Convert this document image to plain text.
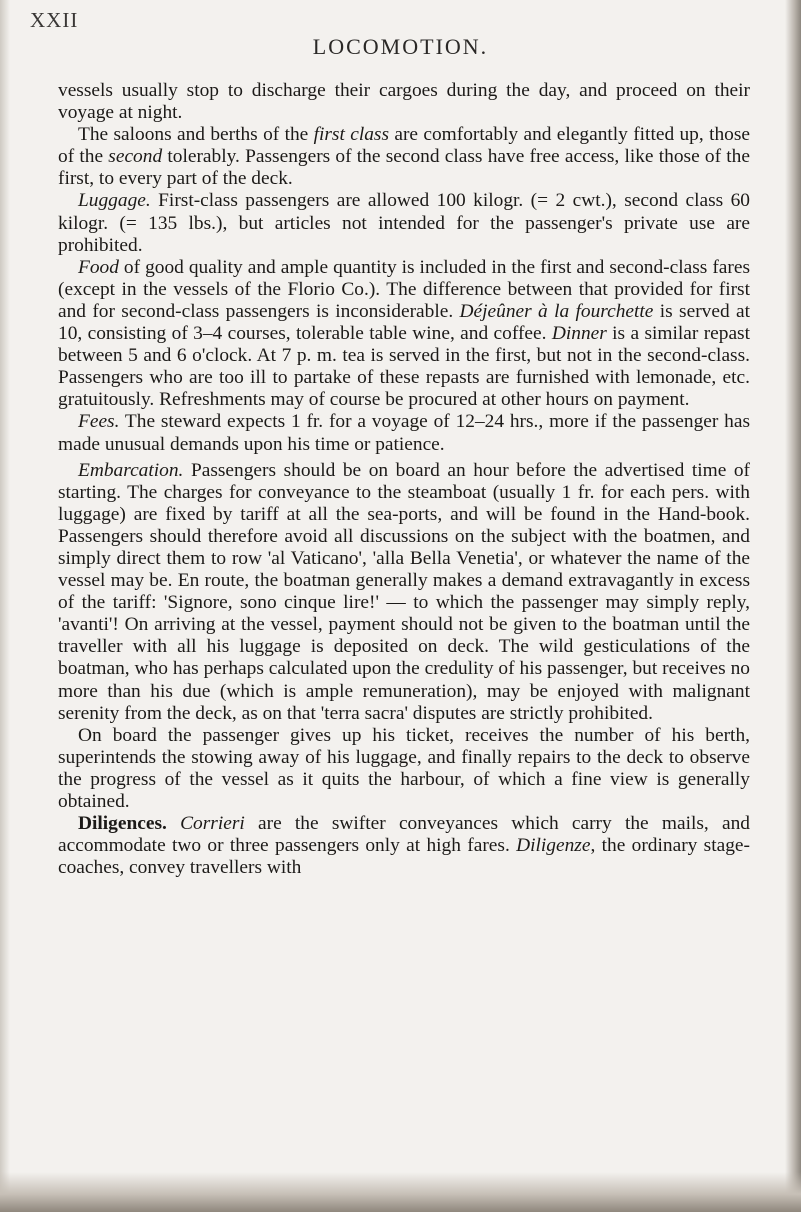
XXII
LOCOMOTION.

vessels usually stop to discharge their cargoes during the day, and proceed on their voyage at night.

The saloons and berths of the first class are comfortably and elegantly fitted up, those of the second tolerably. Passengers of the second class have free access, like those of the first, to every part of the deck.

Luggage. First-class passengers are allowed 100 kilogr. (= 2 cwt.), second class 60 kilogr. (= 135 lbs.), but articles not intended for the passenger's private use are prohibited.

Food of good quality and ample quantity is included in the first and second-class fares (except in the vessels of the Florio Co.). The difference between that provided for first and for second-class passengers is inconsiderable. Déjeûner à la fourchette is served at 10, consisting of 3–4 courses, tolerable table wine, and coffee. Dinner is a similar repast between 5 and 6 o'clock. At 7 p. m. tea is served in the first, but not in the second-class. Passengers who are too ill to partake of these repasts are furnished with lemonade, etc. gratuitously. Refreshments may of course be procured at other hours on payment.

Fees. The steward expects 1 fr. for a voyage of 12–24 hrs., more if the passenger has made unusual demands upon his time or patience.

Embarcation. Passengers should be on board an hour before the advertised time of starting. The charges for conveyance to the steamboat (usually 1 fr. for each pers. with luggage) are fixed by tariff at all the sea-ports, and will be found in the Hand-book. Passengers should therefore avoid all discussions on the subject with the boatmen, and simply direct them to row 'al Vaticano', 'alla Bella Venetia', or whatever the name of the vessel may be. En route, the boatman generally makes a demand extravagantly in excess of the tariff: 'Signore, sono cinque lire!' — to which the passenger may simply reply, 'avanti'! On arriving at the vessel, payment should not be given to the boatman until the traveller with all his luggage is deposited on deck. The wild gesticulations of the boatman, who has perhaps calculated upon the credulity of his passenger, but receives no more than his due (which is ample remuneration), may be enjoyed with malignant serenity from the deck, as on that 'terra sacra' disputes are strictly prohibited.

On board the passenger gives up his ticket, receives the number of his berth, superintends the stowing away of his luggage, and finally repairs to the deck to observe the progress of the vessel as it quits the harbour, of which a fine view is generally obtained.

Diligences. Corrieri are the swifter conveyances which carry the mails, and accommodate two or three passengers only at high fares. Diligenze, the ordinary stage-coaches, convey travellers with
